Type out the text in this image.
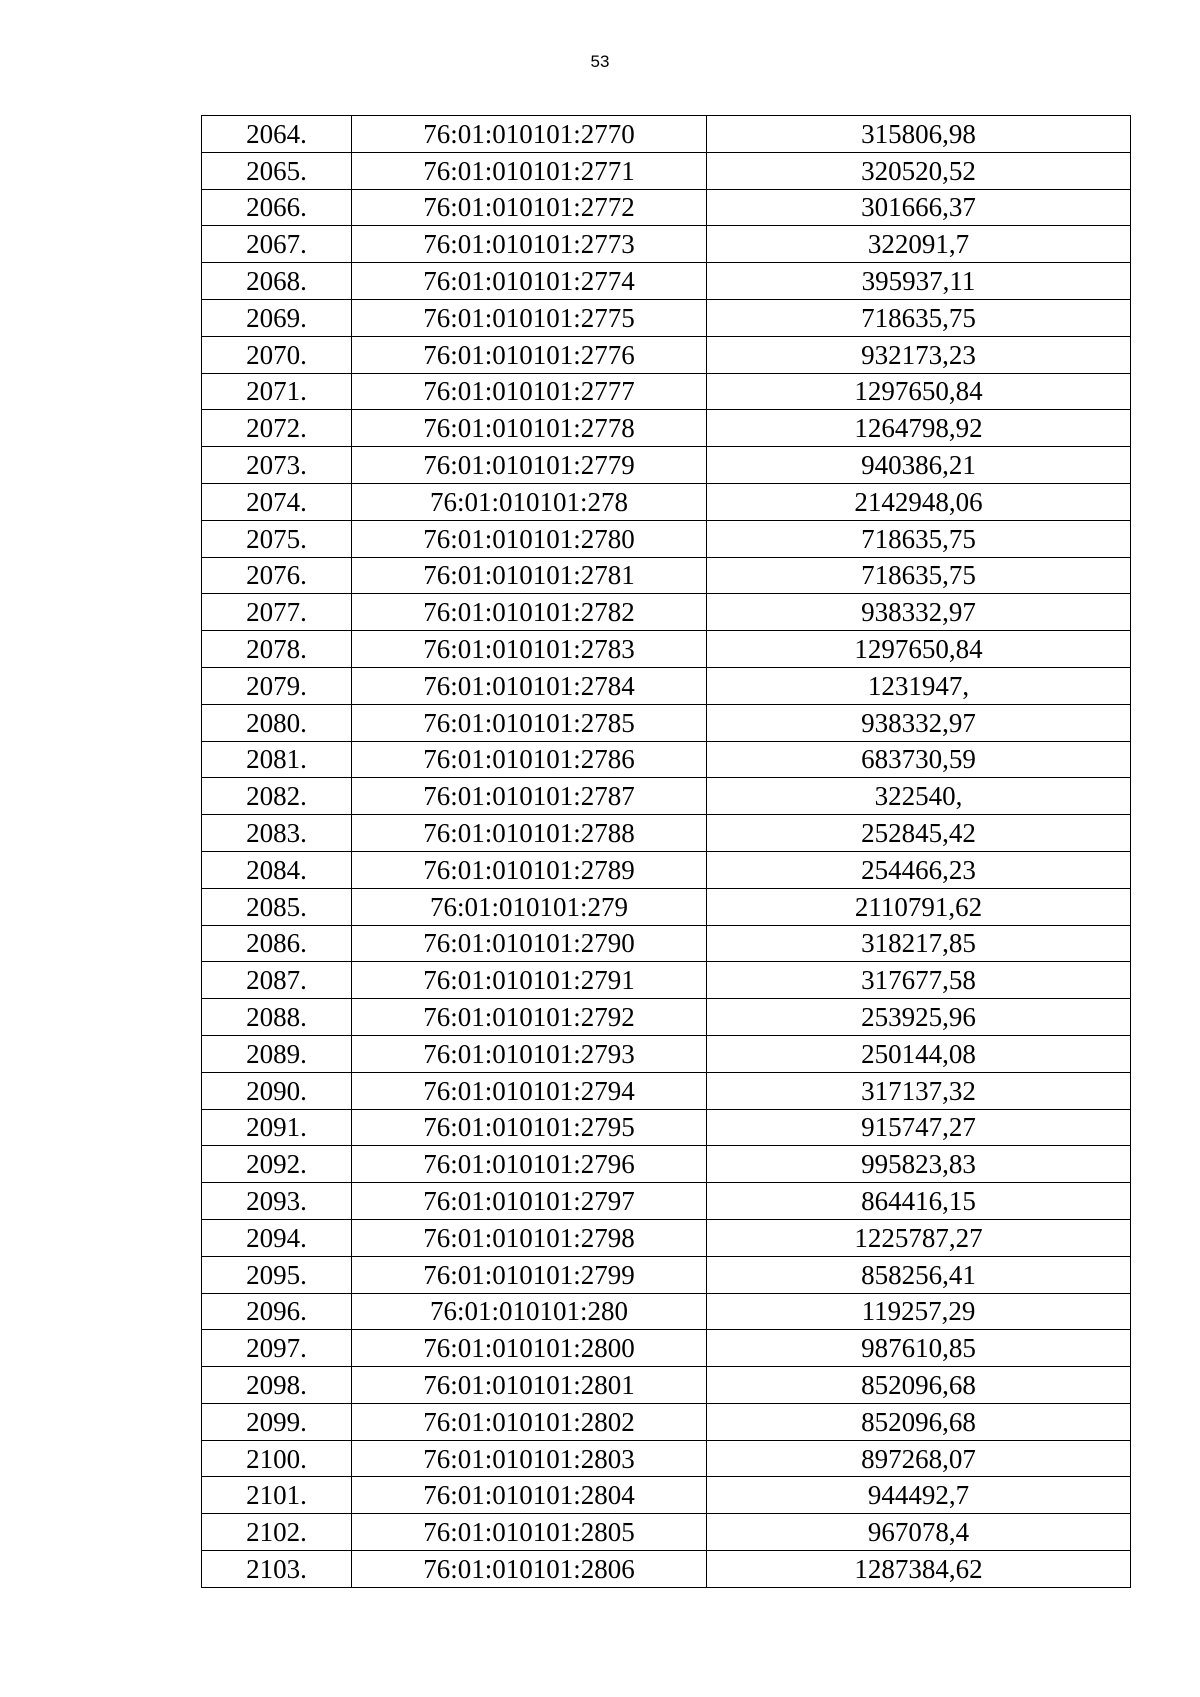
53
2064.	76:01:010101:2770	315806,98
2065.	76:01:010101:2771	320520,52
2066.	76:01:010101:2772	301666,37
2067.	76:01:010101:2773	322091,7
2068.	76:01:010101:2774	395937,11
2069.	76:01:010101:2775	718635,75
2070.	76:01:010101:2776	932173,23
2071.	76:01:010101:2777	1297650,84
2072.	76:01:010101:2778	1264798,92
2073.	76:01:010101:2779	940386,21
2074.	76:01:010101:278	2142948,06
2075.	76:01:010101:2780	718635,75
2076.	76:01:010101:2781	718635,75
2077.	76:01:010101:2782	938332,97
2078.	76:01:010101:2783	1297650,84
2079.	76:01:010101:2784	1231947,
2080.	76:01:010101:2785	938332,97
2081.	76:01:010101:2786	683730,59
2082.	76:01:010101:2787	322540,
2083.	76:01:010101:2788	252845,42
2084.	76:01:010101:2789	254466,23
2085.	76:01:010101:279	2110791,62
2086.	76:01:010101:2790	318217,85
2087.	76:01:010101:2791	317677,58
2088.	76:01:010101:2792	253925,96
2089.	76:01:010101:2793	250144,08
2090.	76:01:010101:2794	317137,32
2091.	76:01:010101:2795	915747,27
2092.	76:01:010101:2796	995823,83
2093.	76:01:010101:2797	864416,15
2094.	76:01:010101:2798	1225787,27
2095.	76:01:010101:2799	858256,41
2096.	76:01:010101:280	119257,29
2097.	76:01:010101:2800	987610,85
2098.	76:01:010101:2801	852096,68
2099.	76:01:010101:2802	852096,68
2100.	76:01:010101:2803	897268,07
2101.	76:01:010101:2804	944492,7
2102.	76:01:010101:2805	967078,4
2103.	76:01:010101:2806	1287384,62
